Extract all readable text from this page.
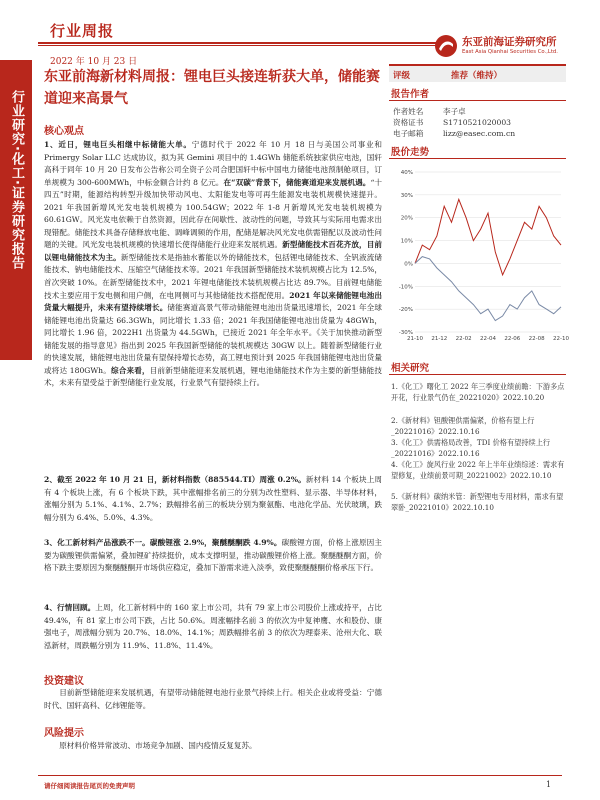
行业周报
2022 年 10 月 23 日
东亚前海证券研究所
East Asia Qianhai Securities Co.,Ltd.
行业研究·化工·证券研究报告
东亚前海新材料周报：锂电巨头接连斩获大单，储能赛道迎来高景气
核心观点
1、近日，锂电巨头相继中标储能大单。宁德时代于 2022 年 10 月 18 日与美国公司事业和 Primergy Solar LLC 达成协议，拟为其 Gemini 项目中的 1.4GWh 储能系统独家供应电池，国轩高科于同年 10 月 20 日发布公告称公司全资子公司合肥国轩中标中国电力储能电池预制舱项目，订单规模为 300-600MWh，中标金额合计约 8 亿元。在“双碳”背景下，储能赛道迎来发展机遇。“十四五”时期，能源结构转型升级加快带动风电、太阳能发电等可再生能源发电装机规模快速提升。2021 年我国新增风光发电装机规模为 100.54GW；2022 年 1-8 月新增风光发电装机规模为 60.61GW。风光发电依赖于自然资源，因此存在间歇性、波动性的问题，导致其与实际用电需求出现错配。储能技术具备存储释放电能、调峰调频的作用，配储是解决风光发电供需错配以及波动性问题的关键。风光发电装机规模的快速增长使得储能行业迎来发展机遇。新型储能技术百花齐放，目前以锂电储能技术为主。新型储能技术是指抽水蓄能以外的储能技术，包括锂电储能技术、全钒液流储能技术、钠电储能技术、压缩空气储能技术等。2021 年我国新型储能技术装机规模占比为 12.5%，首次突破 10%。在新型储能技术中，2021 年锂电储能技术装机规模占比达 89.7%。目前锂电储能技术主要应用于发电侧和用户侧，在电网侧可与其他储能技术搭配使用。2021 年以来储能锂电池出货量大幅提升，未来有望持续增长。储能赛道高景气带动储能锂电池出货量迅速增长，2021 年全球储能锂电池出货量达 66.3GWh，同比增长 1.33 倍；2021 年我国储能锂电池出货量为 48GWh，同比增长 1.96 倍，2022H1 出货量为 44.5GWh，已接近 2021 年全年水平。《关于加快推动新型储能发展的指导意见》指出到 2025 年我国新型储能的装机规模达 30GW 以上。随着新型储能行业的快速发展，储能锂电池出货量有望保持增长态势，高工锂电预计到 2025 年我国储能锂电池出货量或将达 180GWh。综合来看，目前新型储能迎来发展机遇，锂电池储能技术作为主要的新型储能技术，未来有望受益于新型储能行业发展，行业景气有望持续上行。
2、截至 2022 年 10 月 21 日，新材料指数（885544.TI）周涨 0.2%。新材料 14 个板块上周有 4 个板块上涨，有 6 个板块下跌，其中涨幅排名前三的分别为改性塑料、显示器、半导体材料，涨幅分别为 5.1%、4.1%、2.7%；跌幅排名前三的板块分别为聚氨酯、电池化学品、光伏玻璃，跌幅分别为 6.4%、5.0%、4.3%。
3、化工新材料产品涨跌不一。碳酸锂涨 2.9%，聚醚醚酮跌 4.9%。碳酸锂方面，价格上涨原因主要为碳酸锂供需偏紧，叠加锂矿持续挺价，成本支撑明显，推动碳酸锂价格上涨。聚醚醚酮方面，价格下跌主要原因为聚醚醚酮开市场供应稳定，叠加下游需求进入淡季，致使聚醚醚酮价格承压下行。
4、行情回顾。上周，化工新材料中的 160 家上市公司，共有 79 家上市公司股价上涨或持平，占比 49.4%，有 81 家上市公司下跌，占比 50.6%。周涨幅排名前 3 的依次为中复神鹰、水和股份、康强电子，周涨幅分别为 20.7%、18.0%、14.1%；周跌幅排名前 3 的依次为理泰来、沧州大化、联泓新材，周跌幅分别为 11.9%、11.8%、11.4%。
投资建议
目前新型储能迎来发展机遇，有望带动储能锂电池行业景气持续上行。相关企业或将受益：宁德时代、国轩高科、亿纬锂能等。
风险提示
原材料价格异常波动、市场竞争加剧、国内疫情反复复苏。
评级	推荐（维持）
报告作者
作者姓名	李子卓
资格证书	S1710521020003
电子邮箱	lizz@easec.com.cn
股价走势
40%
30%
20%
10%
0%
-10%
-20%
-30%
21-10 21-12 22-02 22-04 22-06 22-08 22-10
相关研究
1.《化工》曙化工 2022 年三季度业绩前瞻：下游多点开花，行业景气仍在_20221020》2022.10.20
2.《新材料》钽酸锂供需偏紧，价格有望上行_20221016》2022.10.16
3.《化工》供需格局改善，TDI 价格有望持续上行_20221016》2022.10.16
4.《化工》旋风行业 2022 年上半年业绩综述：需求有望修复，业绩前景可期_20221002》2022.10.10
5.《新材料》碳纳米管：新型锂电专用材料，需求有望翠卧_20221010》2022.10.10
请仔细阅读报告尾页的免责声明	1
